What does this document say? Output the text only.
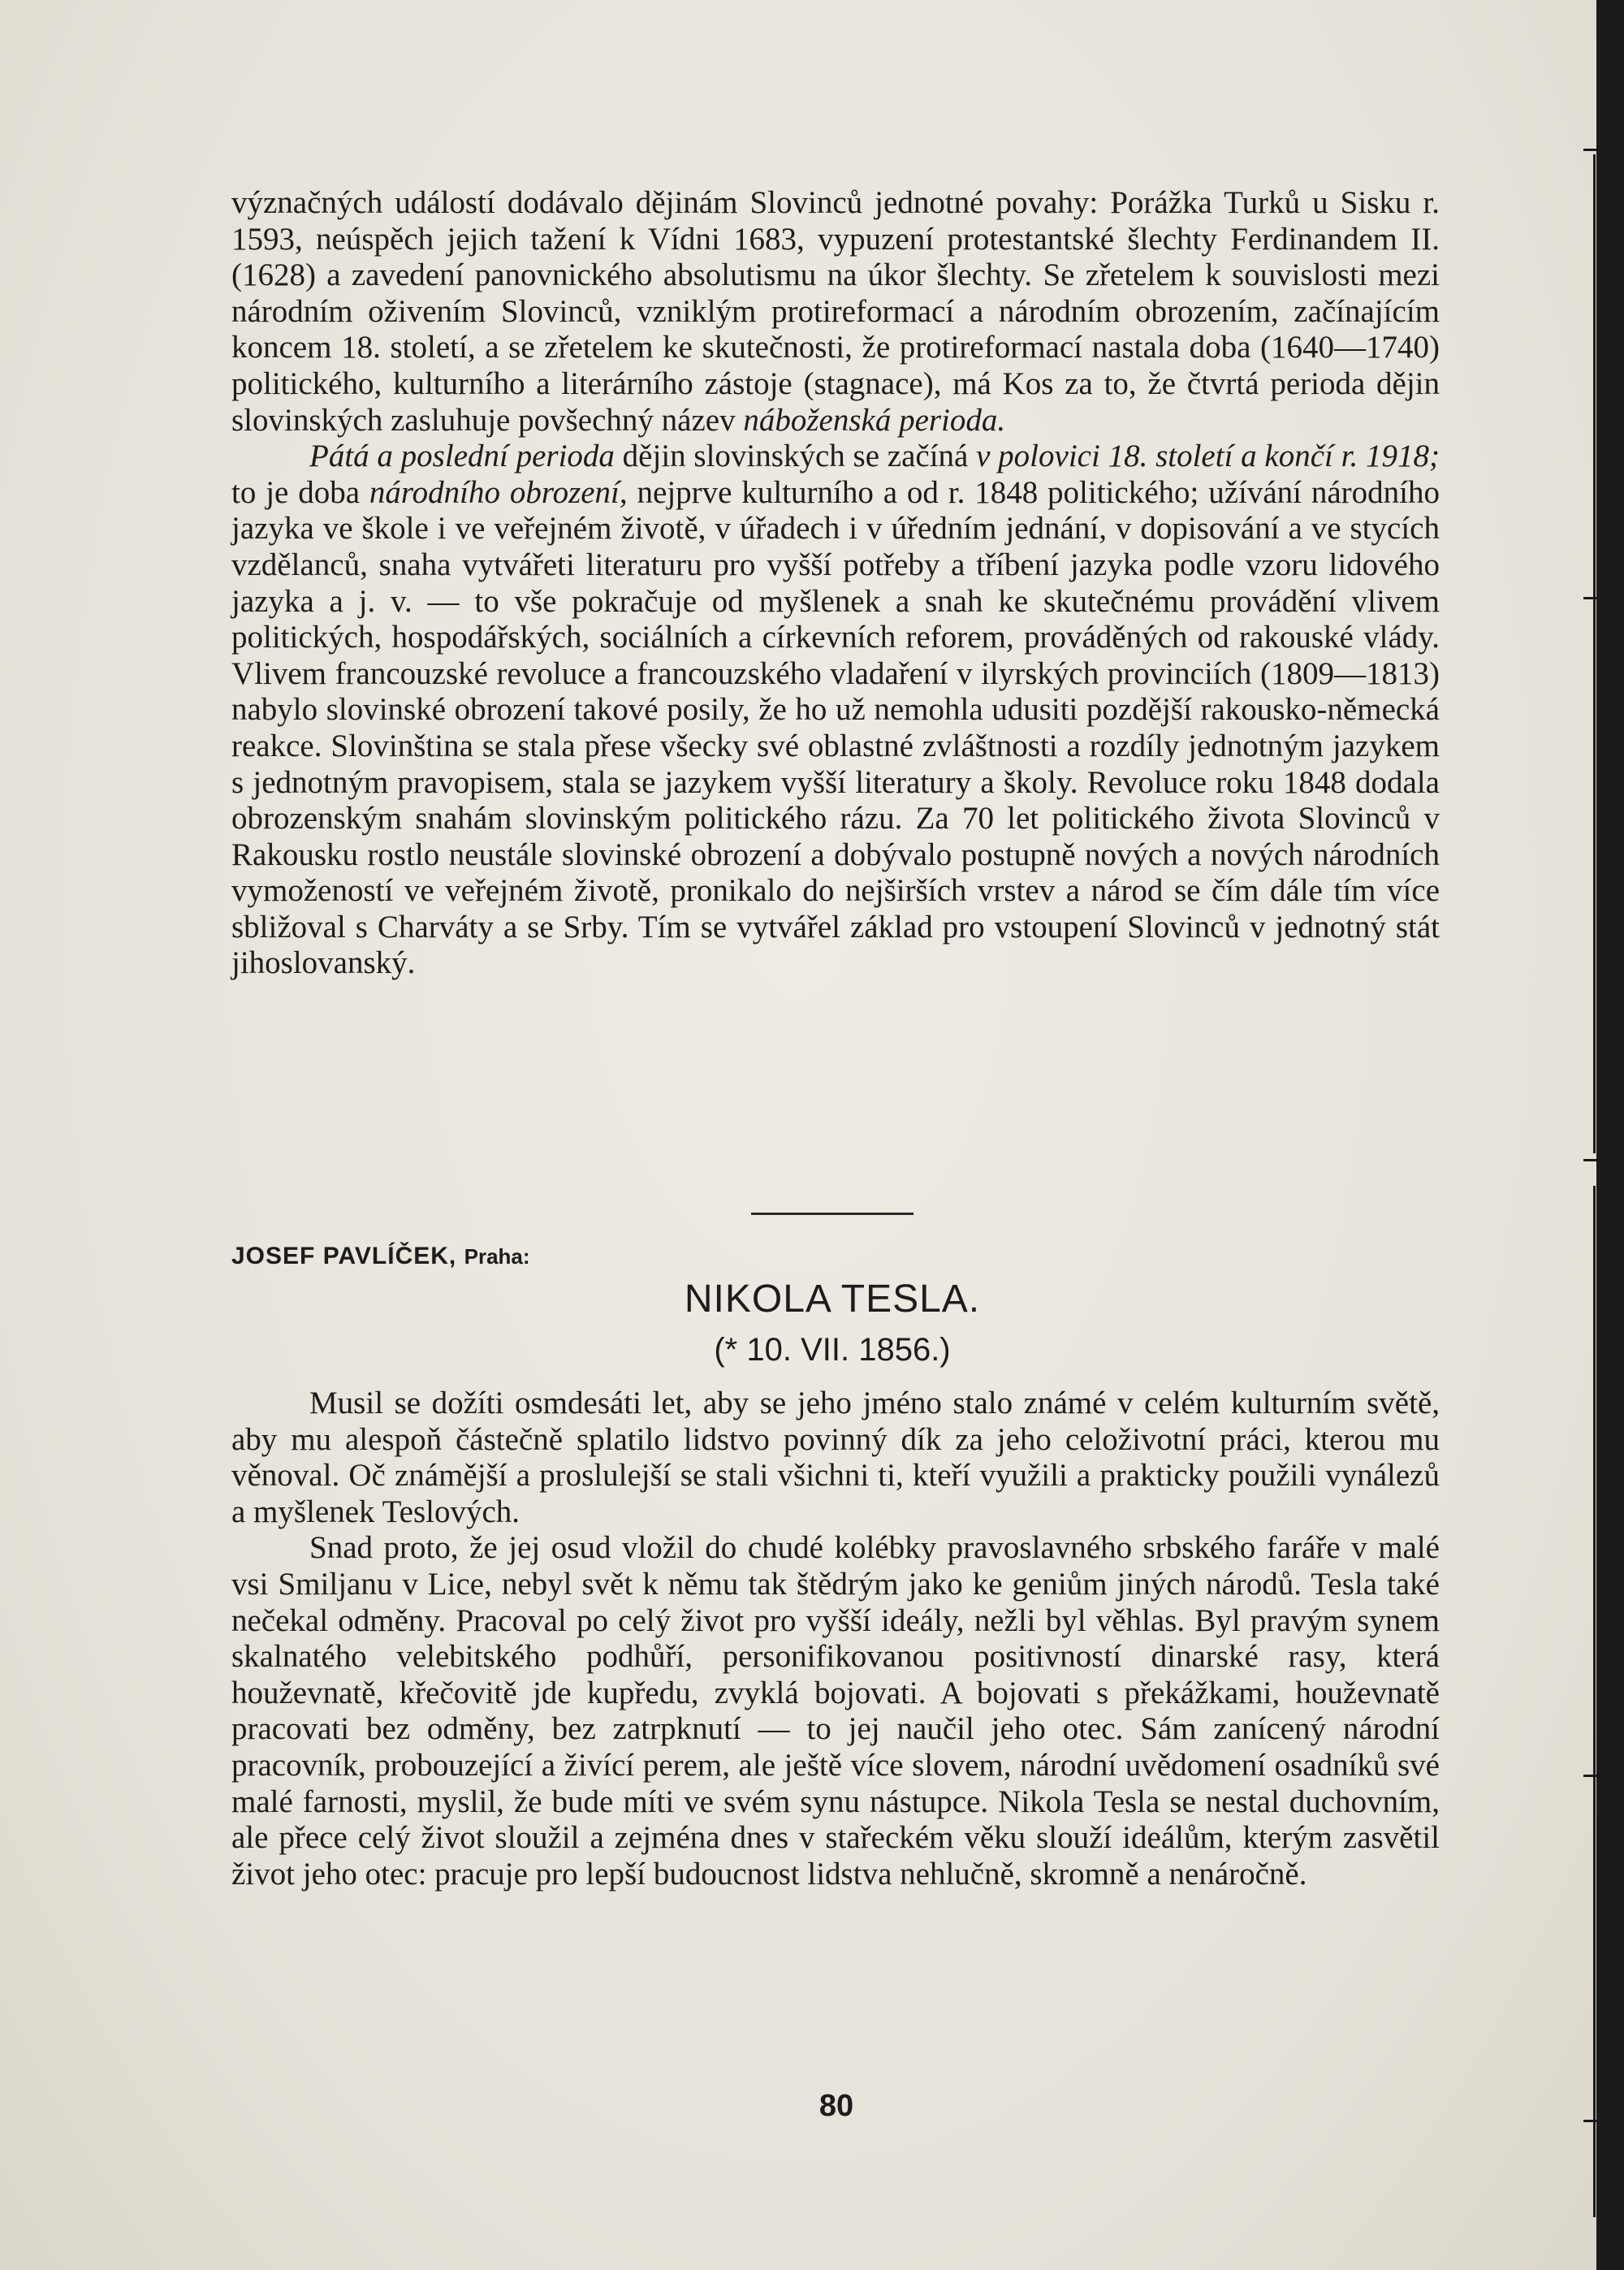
význačných událostí dodávalo dějinám Slovinců jednotné povahy: Porážka Turků u Sisku r. 1593, neúspěch jejich tažení k Vídni 1683, vypuzení protestantské šlechty Ferdinandem II. (1628) a zavedení panovnického absolutismu na úkor šlechty. Se zřetelem k souvislosti mezi národním oživením Slovinců, vzniklým protireformací a národním obrozením, začínajícím koncem 18. století, a se zřetelem ke skutečnosti, že protireformací nastala doba (1640—1740) politického, kulturního a literárního zástoje (stagnace), má Kos za to, že čtvrtá perioda dějin slovinských zasluhuje povšechný název náboženská perioda.

Pátá a poslední perioda dějin slovinských se začíná v polovici 18. století a končí r. 1918; to je doba národního obrození, nejprve kulturního a od r. 1848 politického; užívání národního jazyka ve škole i ve veřejném životě, v úřadech i v úředním jednání, v dopisování a ve stycích vzdělanců, snaha vytvářeti literaturu pro vyšší potřeby a tříbení jazyka podle vzoru lidového jazyka a j. v. — to vše pokračuje od myšlenek a snah ke skutečnému provádění vlivem politických, hospodářských, sociálních a církevních reforem, prováděných od rakouské vlády. Vlivem francouzské revoluce a francouzského vladaření v ilyrských provinciích (1809—1813) nabylo slovinské obrození takové posily, že ho už nemohla udusiti pozdější rakousko-německá reakce. Slovinština se stala přese všecky své oblastné zvláštnosti a rozdíly jednotným jazykem s jednotným pravopisem, stala se jazykem vyšší literatury a školy. Revoluce roku 1848 dodala obrozenským snahám slovinským politického rázu. Za 70 let politického života Slovinců v Rakousku rostlo neustále slovinské obrození a dobývalo postupně nových a nových národních vymožeností ve veřejném životě, pronikalo do nejširších vrstev a národ se čím dále tím více sbližoval s Charváty a se Srby. Tím se vytvářel základ pro vstoupení Slovinců v jednotný stát jihoslovanský.

JOSEF PAVLÍČEK, Praha:
NIKOLA TESLA.
(* 10. VII. 1856.)

Musil se dožíti osmdesáti let, aby se jeho jméno stalo známé v celém kulturním světě, aby mu alespoň částečně splatilo lidstvo povinný dík za jeho celoživotní práci, kterou mu věnoval. Oč známější a proslulejší se stali všichni ti, kteří využili a prakticky použili vynálezů a myšlenek Teslových.

Snad proto, že jej osud vložil do chudé kolébky pravoslavného srbského faráře v malé vsi Smiljanu v Lice, nebyl svět k němu tak štědrým jako ke geniům jiných národů. Tesla také nečekal odměny. Pracoval po celý život pro vyšší ideály, nežli byl věhlas. Byl pravým synem skalnatého velebitského podhůří, personifikovanou positivností dinarské rasy, která houževnatě, křečovitě jde kupředu, zvyklá bojovati. A bojovati s překážkami, houževnatě pracovati bez odměny, bez zatrpknutí — to jej naučil jeho otec. Sám zanícený národní pracovník, probouzející a živící perem, ale ještě více slovem, národní uvědomení osadníků své malé farnosti, myslil, že bude míti ve svém synu nástupce. Nikola Tesla se nestal duchovním, ale přece celý život sloužil a zejména dnes v stařeckém věku slouží ideálům, kterým zasvětil život jeho otec: pracuje pro lepší budoucnost lidstva nehlučně, skromně a nenáročně.

80
